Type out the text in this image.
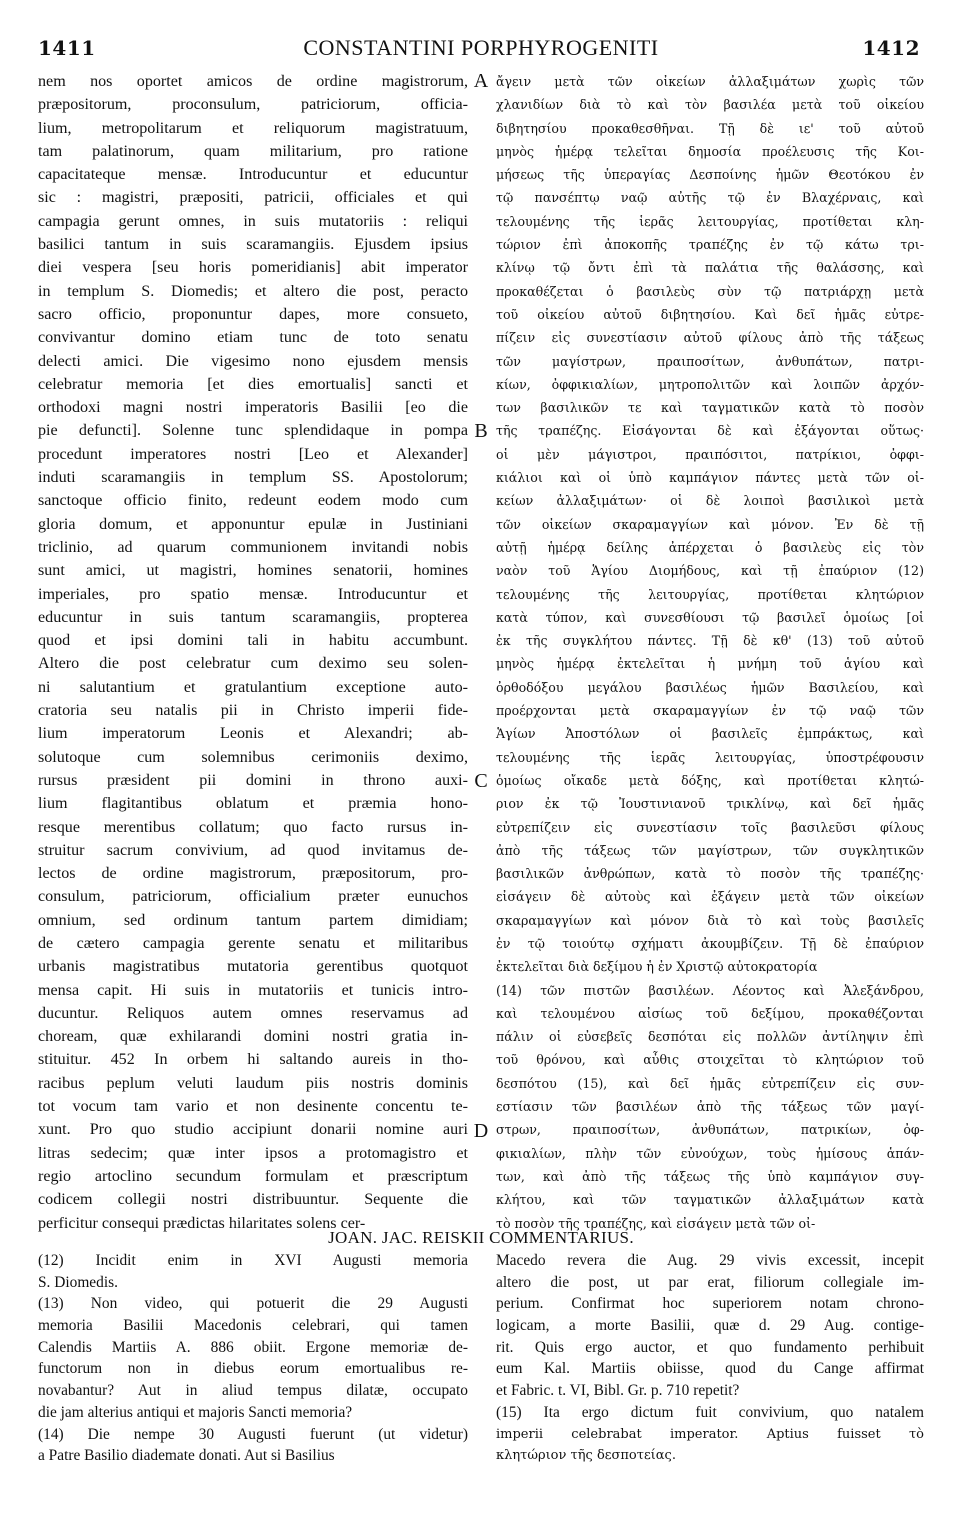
1411	CONSTANTINI PORPHYROGENITI	1412
nem nos oportet amicos de ordine magistrorum,
præpositorum, proconsulum, patriciorum, officia-
lium, metropolitarum et reliquorum magistratuum,
tam palatinorum, quam militarium, pro ratione
capacitateque mensæ. Introducuntur et educuntur
sic : magistri, præpositi, patricii, officiales et qui
campagia gerunt omnes, in suis mutatoriis : reliqui
basilici tantum in suis scaramangiis. Ejusdem ipsius
diei vespera [seu horis pomeridianis] abit imperator
in templum S. Diomedis; et altero die post, peracto
sacro officio, proponuntur dapes, more consueto,
convivantur domino etiam tunc de toto senatu
delecti amici. Die vigesimo nono ejusdem mensis
celebratur memoria [et dies emortualis] sancti et
orthodoxi magni nostri imperatoris Basilii [eo die
pie defuncti]. Solenne tunc splendidaque in pompa
procedunt imperatores nostri [Leo et Alexander]
induti scaramangiis in templum SS. Apostolorum;
sanctoque officio finito, redeunt eodem modo cum
gloria domum, et apponuntur epulæ in Justiniani
triclinio, ad quarum communionem invitandi nobis
sunt amici, ut magistri, homines senatorii, homines
imperiales, pro spatio mensæ. Introducuntur et
educuntur in suis tantum scaramangiis, propterea
quod et ipsi domini tali in habitu accumbunt.
Altero die post celebratur cum deximo seu solen-
ni salutantium et gratulantium exceptione auto-
cratoria seu natalis pii in Christo imperii fide-
lium imperatorum Leonis et Alexandri; ab-
solutoque cum solemnibus cerimoniis deximo,
rursus præsident pii domini in throno auxi-
lium flagitantibus oblatum et præmia hono-
resque merentibus collatum; quo facto rursus in-
struitur sacrum convivium, ad quod invitamus de-
lectos de ordine magistrorum, præpositorum, pro-
consulum, patriciorum, officialium præter eunuchos
omnium, sed ordinum tantum partem dimidiam;
de cætero campagia gerente senatu et militaribus
urbanis magistratibus mutatoria gerentibus quotquot
mensa capit. Hi suis in mutatoriis et tunicis intro-
ducuntur. Reliquos autem omnes reservamus ad
choream, quæ exhilarandi domini nostri gratia in-
stituitur. 452 In orbem hi saltando aureis in tho-
racibus peplum veluti laudum piis nostris dominis
tot vocum tam vario et non desinente concentu te-
xunt. Pro quo studio accipiunt donarii nomine auri
litras sedecim; quæ inter ipsos a protomagistro et
regio artoclino secundum formulam et præscriptum
codicem collegii nostri distribuuntur. Sequente die
perficitur consequi prædictas hilaritates solens cer-
ἄγειν μετὰ τῶν οἰκείων ἀλλαξιμάτων χωρὶς τῶν
χλανιδίων διὰ τὸ καὶ τὸν βασιλέα μετὰ τοῦ οἰκείου
διβητησίου προκαθεσθῆναι. Τῇ δὲ ιε' τοῦ αὐτοῦ
μηνὸς ἡμέρᾳ τελεῖται δημοσία προέλευσις τῆς Κοι-
μήσεως τῆς ὑπεραγίας Δεσποίνης ἡμῶν Θεοτόκου ἐν
τῷ πανσέπτῳ ναῷ αὐτῆς τῷ ἐν Βλαχέρναις, καὶ
τελουμένης τῆς ἱερᾶς λειτουργίας, προτίθεται κλη-
τώριον ἐπὶ ἀποκοπῆς τραπέζης ἐν τῷ κάτω τρι-
κλίνῳ τῷ ὄντι ἐπὶ τὰ παλάτια τῆς θαλάσσης, καὶ
προκαθέζεται ὁ βασιλεὺς σὺν τῷ πατριάρχῃ μετὰ
τοῦ οἰκείου αὐτοῦ διβητησίου. Καὶ δεῖ ἡμᾶς εὐτρε-
πίζειν εἰς συνεστίασιν αὐτοῦ φίλους ἀπὸ τῆς τάξεως
τῶν μαγίστρων, πραιποσίτων, ἀνθυπάτων, πατρι-
κίων, ὀφφικιαλίων, μητροπολιτῶν καὶ λοιπῶν ἀρχόν-
των βασιλικῶν τε καὶ ταγματικῶν κατὰ τὸ ποσὸν
τῆς τραπέζης. Εἰσάγονται δὲ καὶ ἐξάγονται οὕτως·
οἱ μὲν μάγιστροι, πραιπόσιτοι, πατρίκιοι, ὀφφι-
κιάλιοι καὶ οἱ ὑπὸ καμπάγιον πάντες μετὰ τῶν οἰ-
κείων ἀλλαξιμάτων· οἱ δὲ λοιποὶ βασιλικοὶ μετὰ
τῶν οἰκείων σκαραμαγγίων καὶ μόνον. Ἐν δὲ τῇ
αὐτῇ ἡμέρᾳ δείλης ἀπέρχεται ὁ βασιλεὺς εἰς τὸν
ναὸν τοῦ Ἁγίου Διομήδους, καὶ τῇ ἐπαύριον (12)
τελουμένης τῆς λειτουργίας, προτίθεται κλητώριον
κατὰ τύπον, καὶ συνεσθίουσι τῷ βασιλεῖ ὁμοίως [οἱ
ἐκ τῆς συγκλήτου πάντες. Τῇ δὲ κθ' (13) τοῦ αὐτοῦ
μηνὸς ἡμέρᾳ ἐκτελεῖται ἡ μνήμη τοῦ ἁγίου καὶ
ὀρθοδόξου μεγάλου βασιλέως ἡμῶν Βασιλείου, καὶ
προέρχονται μετὰ σκαραμαγγίων ἐν τῷ ναῷ τῶν
Ἁγίων Ἀποστόλων οἱ βασιλεῖς ἐμπράκτως, καὶ
τελουμένης τῆς ἱερᾶς λειτουργίας, ὑποστρέφουσιν
ὁμοίως οἴκαδε μετὰ δόξης, καὶ προτίθεται κλητώ-
ριον ἐκ τῷ Ἰουστινιανοῦ τρικλίνῳ, καὶ δεῖ ἡμᾶς
εὐτρεπίζειν εἰς συνεστίασιν τοῖς βασιλεῦσι φίλους
ἀπὸ τῆς τάξεως τῶν μαγίστρων, τῶν συγκλητικῶν
βασιλικῶν ἀνθρώπων, κατὰ τὸ ποσὸν τῆς τραπέζης·
εἰσάγειν δὲ αὐτοὺς καὶ ἐξάγειν μετὰ τῶν οἰκείων
σκαραμαγγίων καὶ μόνον διὰ τὸ καὶ τοὺς βασιλεῖς
ἐν τῷ τοιούτῳ σχήματι ἀκουμβίζειν. Τῇ δὲ ἐπαύριον
ἐκτελεῖται διὰ δεξίμου ἡ ἐν Χριστῷ αὐτοκρατορία
(14) τῶν πιστῶν βασιλέων. Λέοντος καὶ Ἀλεξάνδρου,
καὶ τελουμένου αἰσίως τοῦ δεξίμου, προκαθέζονται
πάλιν οἱ εὐσεβεῖς δεσπόται εἰς πολλῶν ἀντίληψιν ἐπὶ
τοῦ θρόνου, καὶ αὖθις στοιχεῖται τὸ κλητώριον τοῦ
δεσπότου (15), καὶ δεῖ ἡμᾶς εὐτρεπίζειν εἰς συν-
εστίασιν τῶν βασιλέων ἀπὸ τῆς τάξεως τῶν μαγί-
στρων, πραιποσίτων, ἀνθυπάτων, πατρικίων, ὀφ-
φικιαλίων, πλὴν τῶν εὐνούχων, τοὺς ἡμίσους ἁπάν-
των, καὶ ἀπὸ τῆς τάξεως τῆς ὑπὸ καμπάγιον συγ-
κλήτου, καὶ τῶν ταγματικῶν ἀλλαξιμάτων κατὰ
τὸ ποσὸν τῆς τραπέζης, καὶ εἰσάγειν μετὰ τῶν οἰ-
A
B
C
D
JOAN. JAC. REISKII COMMENTARIUS.
(12) Incidit enim in XVI Augusti memoria
S. Diomedis.
(13) Non video, qui potuerit die 29 Augusti
memoria Basilii Macedonis celebrari, qui tamen
Calendis Martiis A. 886 obiit. Ergone memoriæ de-
functorum non in diebus eorum emortualibus re-
novabantur? Aut in aliud tempus dilatæ, occupato
die jam alterius antiqui et majoris Sancti memoria?
(14) Die nempe 30 Augusti fuerunt (ut videtur)
a Patre Basilio diademate donati. Aut si Basilius
Macedo revera die Aug. 29 vivis excessit, incepit
altero die post, ut par erat, filiorum collegiale im-
perium. Confirmat hoc superiorem notam chrono-
logicam, a morte Basilii, quæ d. 29 Aug. contige-
rit. Quis ergo auctor, et quo fundamento perhibuit
eum Kal. Martiis obiisse, quod du Cange affirmat
et Fabric. t. VI, Bibl. Gr. p. 710 repetit?
(15) Ita ergo dictum fuit convivium, quo natalem
imperii celebrabat imperator. Aptius fuisset τὸ
κλητώριον τῆς δεσποτείας.
